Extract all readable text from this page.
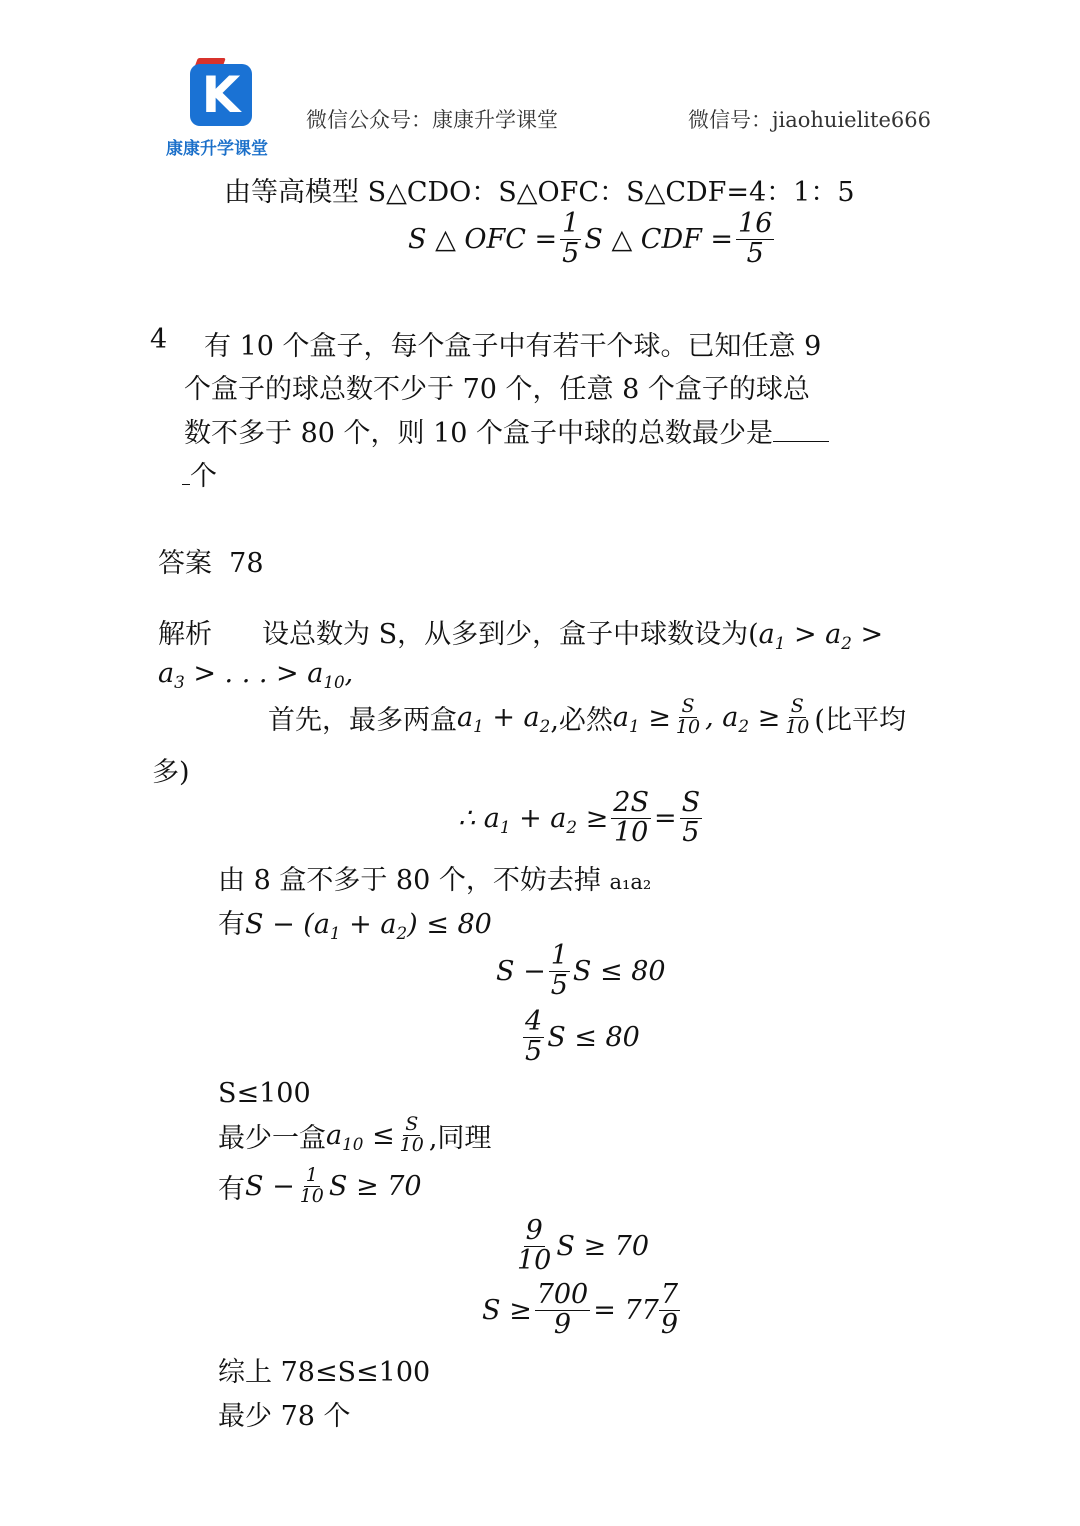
K
康康升学课堂
微信公众号：康康升学课堂	微信号：jiaohuielite666
由等高模型 S△CDO：S△OFC：S△CDF=4：1：5
S △ OFC = $\frac{1}{5}$ S △ CDF = $\frac{16}{5}$
4 有 10 个盒子，每个盒子中有若干个球。已知任意 9
个盒子的球总数不少于 70 个，任意 8 个盒子的球总
数不多于 80 个，则 10 个盒子中球的总数最少是
个
答案 78
解析 设总数为 S，从多到少，盒子中球数设为($a_1 > a_2$ >
$a_3$ > . . . > $a_{10}$,
首先，最多两盒 $a_1 + a_2$ ,必然 $a_1 \ge \frac{S}{10}$ , $a_2 \ge \frac{S}{10}$ (比平均
多)
∴ $a_1 + a_2 \ge \frac{2S}{10} = \frac{S}{5}$
由 8 盒不多于 80 个，不妨去掉 a₁a₂
有$S - (a_1 + a_2) \le 80$
$S - \frac{1}{5}$ S ≤ 80
$\frac{4}{5}$ S ≤ 80
S≤100
最少一盒 $a_{10} \le \frac{S}{10}$ ,同理
有 $S - \frac{1}{10}$ S ≥ 70
$\frac{9}{10}$ S ≥ 70
$S \ge \frac{700}{9} = 77 \frac{7}{9}$
综上 78≤S≤100
最少 78 个
